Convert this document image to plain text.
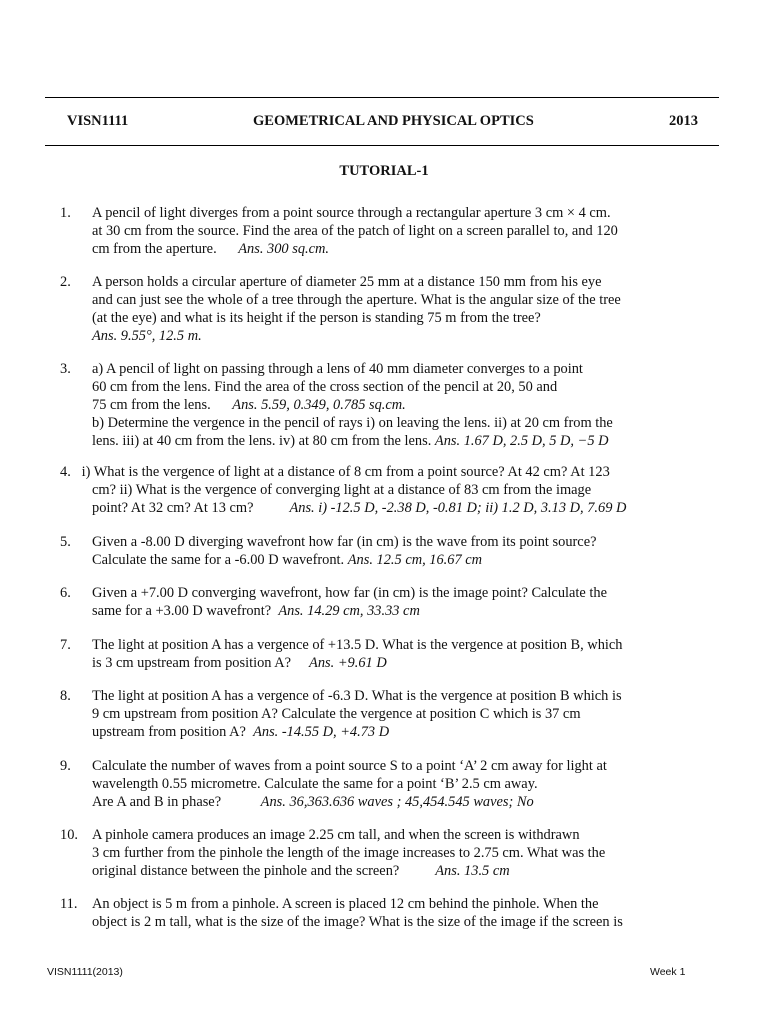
VISN1111	GEOMETRICAL AND PHYSICAL OPTICS	2013
TUTORIAL-1
1. A pencil of light diverges from a point source through a rectangular aperture 3 cm × 4 cm.
at 30 cm from the source. Find the area of the patch of light on a screen parallel to, and 120
cm from the aperture.      Ans. 300 sq.cm.
2. A person holds a circular aperture of diameter 25 mm at a distance 150 mm from his eye
and can just see the whole of a tree through the aperture. What is the angular size of the tree
(at the eye) and what is its height if the person is standing 75 m from the tree?
Ans. 9.55°, 12.5 m.
3. a) A pencil of light on passing through a lens of 40 mm diameter converges to a point
60 cm from the lens. Find the area of the cross section of the pencil at 20, 50 and
75 cm from the lens.      Ans. 5.59, 0.349, 0.785 sq.cm.
b) Determine the vergence in the pencil of rays i) on leaving the lens. ii) at 20 cm from the
lens. iii) at 40 cm from the lens. iv) at 80 cm from the lens. Ans. 1.67 D, 2.5 D, 5 D, −5 D
4. i) What is the vergence of light at a distance of 8 cm from a point source? At 42 cm? At 123
cm? ii) What is the vergence of converging light at a distance of 83 cm from the image
point? At 32 cm? At 13 cm?          Ans. i) -12.5 D, -2.38 D, -0.81 D; ii) 1.2 D, 3.13 D, 7.69 D
5. Given a -8.00 D diverging wavefront how far (in cm) is the wave from its point source?
Calculate the same for a -6.00 D wavefront. Ans. 12.5 cm, 16.67 cm
6. Given a +7.00 D converging wavefront, how far (in cm) is the image point? Calculate the
same for a +3.00 D wavefront?  Ans. 14.29 cm, 33.33 cm
7. The light at position A has a vergence of +13.5 D. What is the vergence at position B, which
is 3 cm upstream from position A?     Ans. +9.61 D
8. The light at position A has a vergence of -6.3 D. What is the vergence at position B which is
9 cm upstream from position A? Calculate the vergence at position C which is 37 cm
upstream from position A?  Ans. -14.55 D, +4.73 D
9. Calculate the number of waves from a point source S to a point ‘A’ 2 cm away for light at
wavelength 0.55 micrometre. Calculate the same for a point ‘B’ 2.5 cm away.
Are A and B in phase?           Ans. 36,363.636 waves ; 45,454.545 waves; No
10. A pinhole camera produces an image 2.25 cm tall, and when the screen is withdrawn
3 cm further from the pinhole the length of the image increases to 2.75 cm. What was the
original distance between the pinhole and the screen?          Ans. 13.5 cm
11. An object is 5 m from a pinhole. A screen is placed 12 cm behind the pinhole. When the
object is 2 m tall, what is the size of the image? What is the size of the image if the screen is
VISN1111(2013)	Week 1
